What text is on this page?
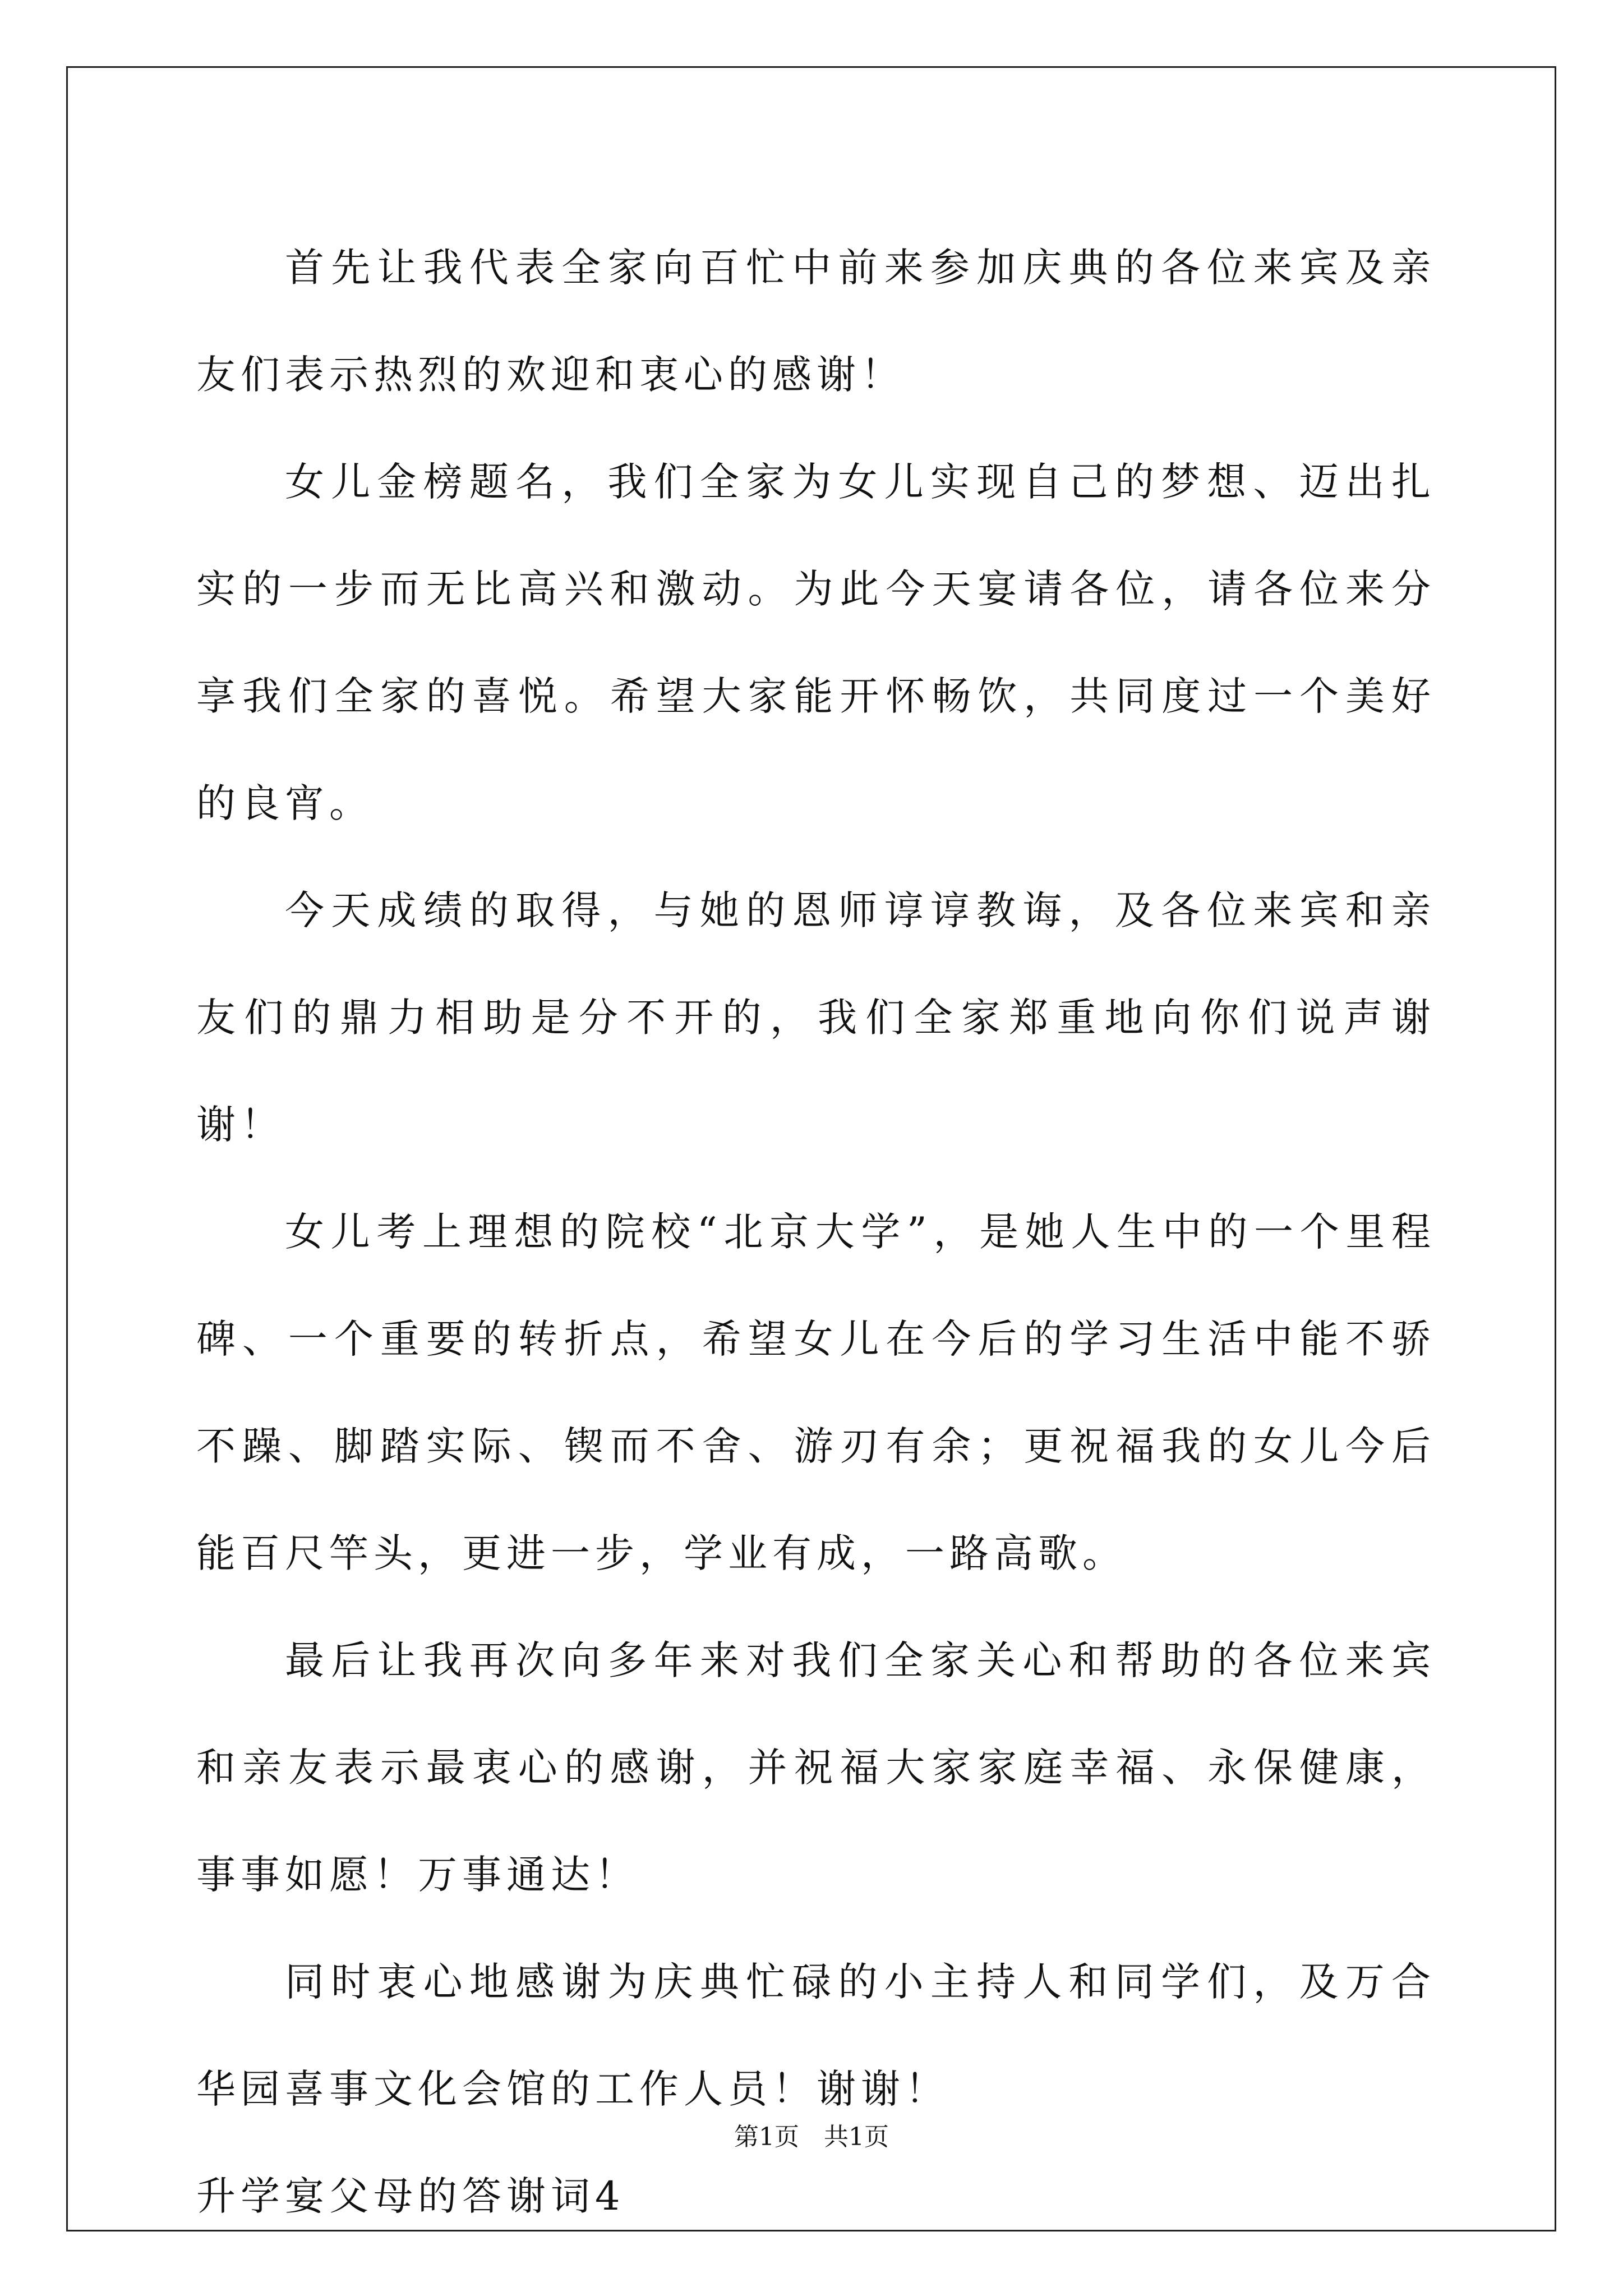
首先让我代表全家向百忙中前来参加庆典的各位来宾及亲友们表示热烈的欢迎和衷心的感谢！

女儿金榜题名，我们全家为女儿实现自己的梦想、迈出扎实的一步而无比高兴和激动。为此今天宴请各位，请各位来分享我们全家的喜悦。希望大家能开怀畅饮，共同度过一个美好的良宵。

今天成绩的取得，与她的恩师谆谆教诲，及各位来宾和亲友们的鼎力相助是分不开的，我们全家郑重地向你们说声谢谢！

女儿考上理想的院校“北京大学”，是她人生中的一个里程碑、一个重要的转折点，希望女儿在今后的学习生活中能不骄不躁、脚踏实际、锲而不舍、游刃有余；更祝福我的女儿今后能百尺竿头，更进一步，学业有成，一路高歌。

最后让我再次向多年来对我们全家关心和帮助的各位来宾和亲友表示最衷心的感谢，并祝福大家家庭幸福、永保健康，事事如愿！万事通达！

同时衷心地感谢为庆典忙碌的小主持人和同学们，及万合华园喜事文化会馆的工作人员！谢谢！

升学宴父母的答谢词4

第1页　共1页
